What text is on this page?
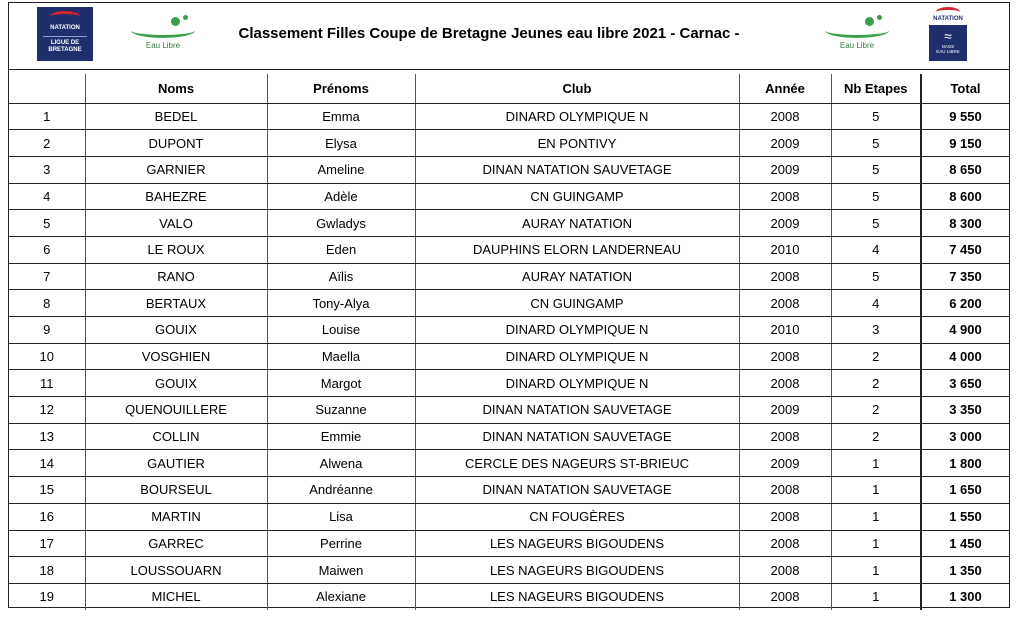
NATATION
LIGUE DE
BRETAGNE	Eau Libre
Classement Filles Coupe de Bretagne Jeunes eau libre 2021 - Carnac -
Eau Libre
NATATION
≈
NAGE
EAU LIBRE
	Noms	Prénoms	Club	Année	Nb Etapes	Total
1	BEDEL	Emma	DINARD OLYMPIQUE N	2008	5	9 550
2	DUPONT	Elysa	EN PONTIVY	2009	5	9 150
3	GARNIER	Ameline	DINAN NATATION SAUVETAGE	2009	5	8 650
4	BAHEZRE	Adèle	CN GUINGAMP	2008	5	8 600
5	VALO	Gwladys	AURAY NATATION	2009	5	8 300
6	LE ROUX	Eden	DAUPHINS ELORN LANDERNEAU	2010	4	7 450
7	RANO	Aïlis	AURAY NATATION	2008	5	7 350
8	BERTAUX	Tony-Alya	CN GUINGAMP	2008	4	6 200
9	GOUIX	Louise	DINARD OLYMPIQUE N	2010	3	4 900
10	VOSGHIEN	Maella	DINARD OLYMPIQUE N	2008	2	4 000
11	GOUIX	Margot	DINARD OLYMPIQUE N	2008	2	3 650
12	QUENOUILLERE	Suzanne	DINAN NATATION SAUVETAGE	2009	2	3 350
13	COLLIN	Emmie	DINAN NATATION SAUVETAGE	2008	2	3 000
14	GAUTIER	Alwena	CERCLE DES NAGEURS ST-BRIEUC	2009	1	1 800
15	BOURSEUL	Andréanne	DINAN NATATION SAUVETAGE	2008	1	1 650
16	MARTIN	Lisa	CN FOUGÈRES	2008	1	1 550
17	GARREC	Perrine	LES NAGEURS BIGOUDENS	2008	1	1 450
18	LOUSSOUARN	Maiwen	LES NAGEURS BIGOUDENS	2008	1	1 350
19	MICHEL	Alexiane	LES NAGEURS BIGOUDENS	2008	1	1 300
